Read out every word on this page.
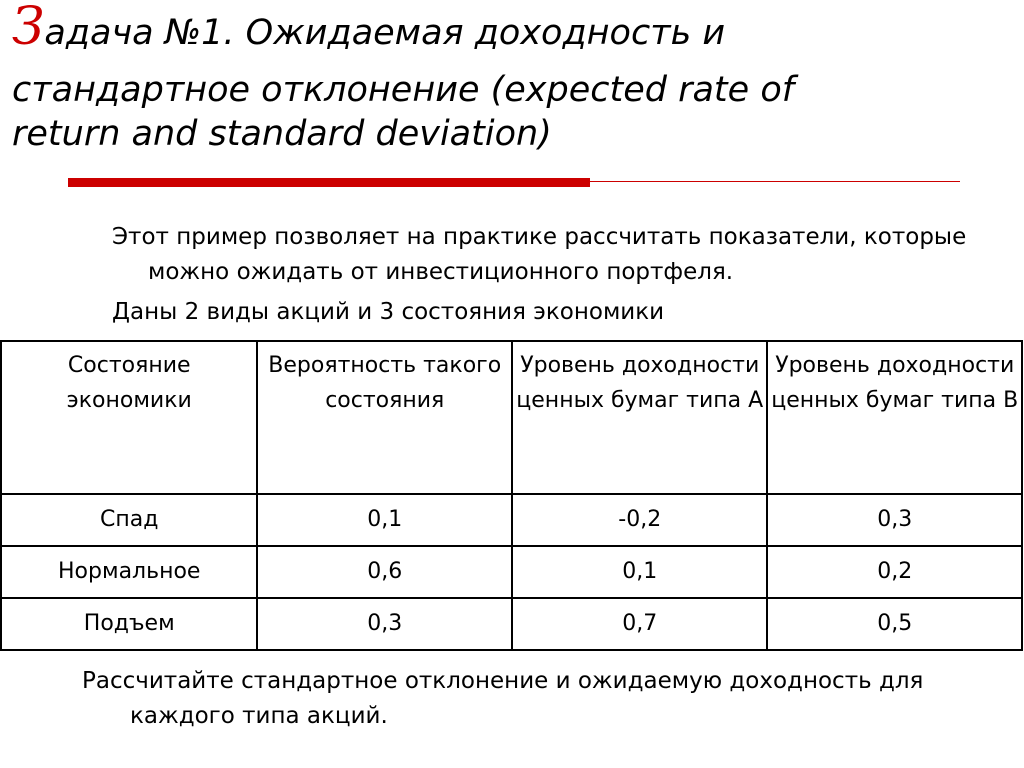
Задача №1. Ожидаемая доходность и
стандартное отклонение (expected rate of
return and standard deviation)

Этот пример позволяет на практике рассчитать показатели, которые можно ожидать от инвестиционного портфеля.

Даны 2 виды акций и 3 состояния экономики

Состояние экономики	Вероятность такого состояния	Уровень доходности ценных бумаг типа A	Уровень доходности ценных бумаг типа B
Спад	0,1	-0,2	0,3
Нормальное	0,6	0,1	0,2
Подъем	0,3	0,7	0,5

Рассчитайте стандартное отклонение и ожидаемую доходность для каждого типа акций.
